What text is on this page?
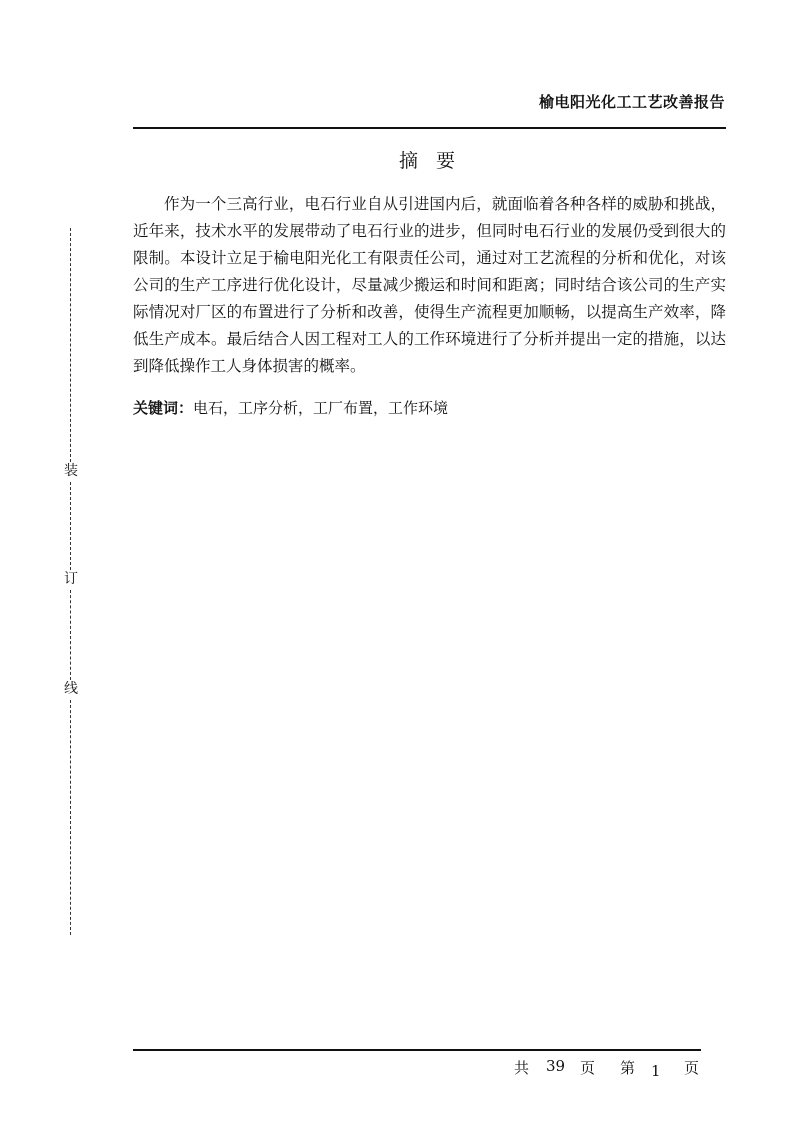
榆电阳光化工工艺改善报告
摘 要

作为一个三高行业，电石行业自从引进国内后，就面临着各种各样的威胁和挑战，近年来，技术水平的发展带动了电石行业的进步，但同时电石行业的发展仍受到很大的限制。本设计立足于榆电阳光化工有限责任公司，通过对工艺流程的分析和优化，对该公司的生产工序进行优化设计，尽量减少搬运和时间和距离；同时结合该公司的生产实际情况对厂区的布置进行了分析和改善，使得生产流程更加顺畅，以提高生产效率，降低生产成本。最后结合人因工程对工人的工作环境进行了分析并提出一定的措施，以达到降低操作工人身体损害的概率。

关键词：电石，工序分析，工厂布置，工作环境
装
订
线
共 39 页 第 1 页
